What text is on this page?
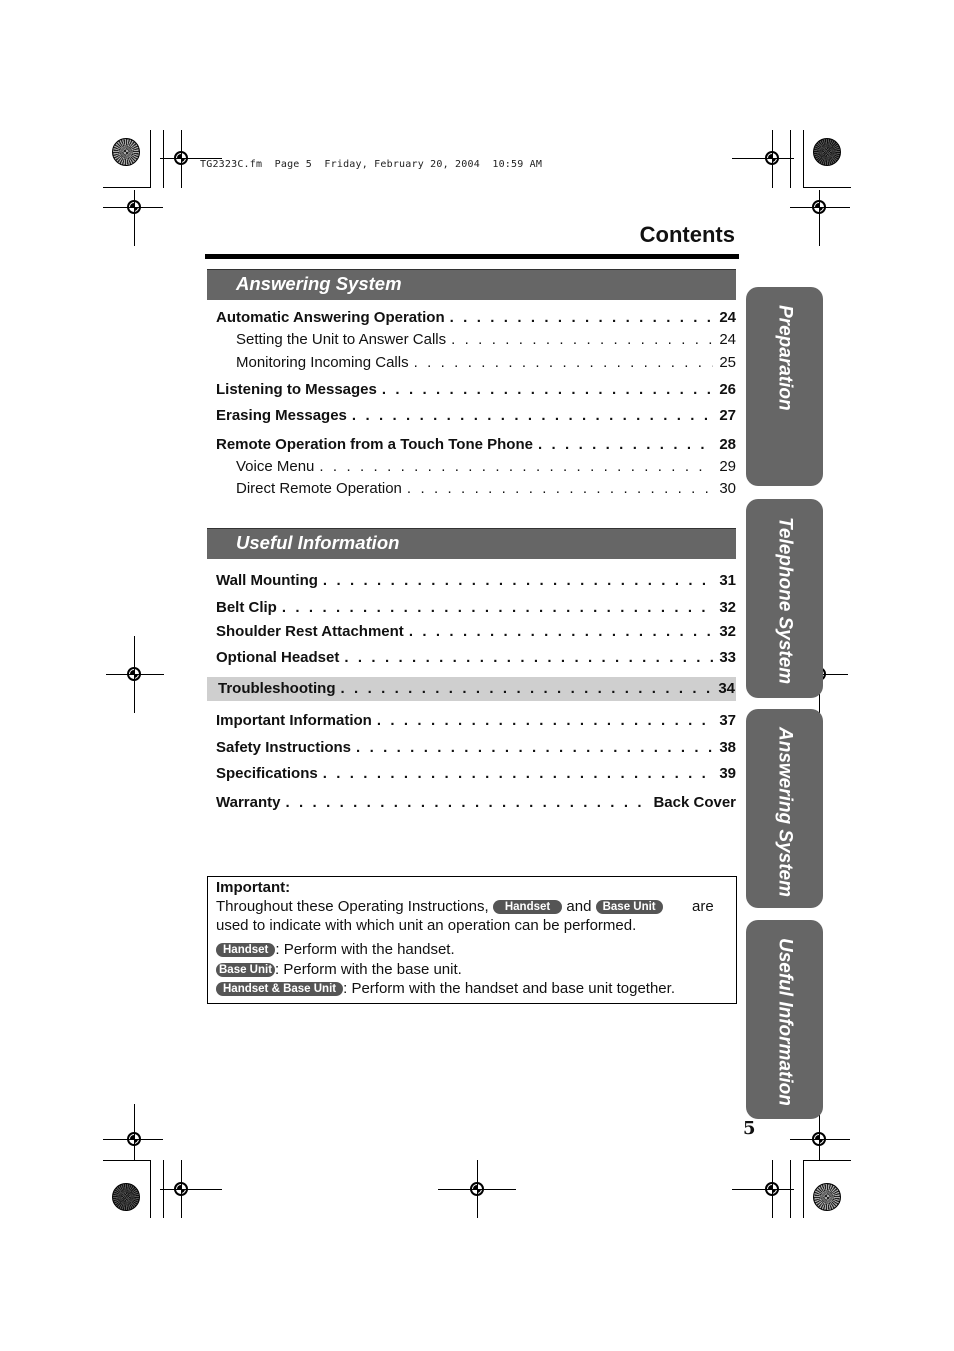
TG2323C.fm  Page 5  Friday, February 20, 2004  10:59 AM
Contents
Answering System
Automatic Answering Operation . . .	24
Setting the Unit to Answer Calls . . .	24
Monitoring Incoming Calls . . .	25
Listening to Messages . . .	26
Erasing Messages . . .	27
Remote Operation from a Touch Tone Phone . . .	28
Voice Menu . . .	29
Direct Remote Operation . . .	30
Useful Information
Wall Mounting . . .	31
Belt Clip . . .	32
Shoulder Rest Attachment . . .	32
Optional Headset . . .	33
Troubleshooting . . .	34
Important Information . . .	37
Safety Instructions . . .	38
Specifications . . .	39
Warranty . . .	Back Cover
Important:
Throughout these Operating Instructions, Handset and Base Unit are
used to indicate with which unit an operation can be performed.
Handset : Perform with the handset.
Base Unit : Perform with the base unit.
Handset & Base Unit : Perform with the handset and base unit together.
Preparation
Telephone System
Answering System
Useful Information
5
